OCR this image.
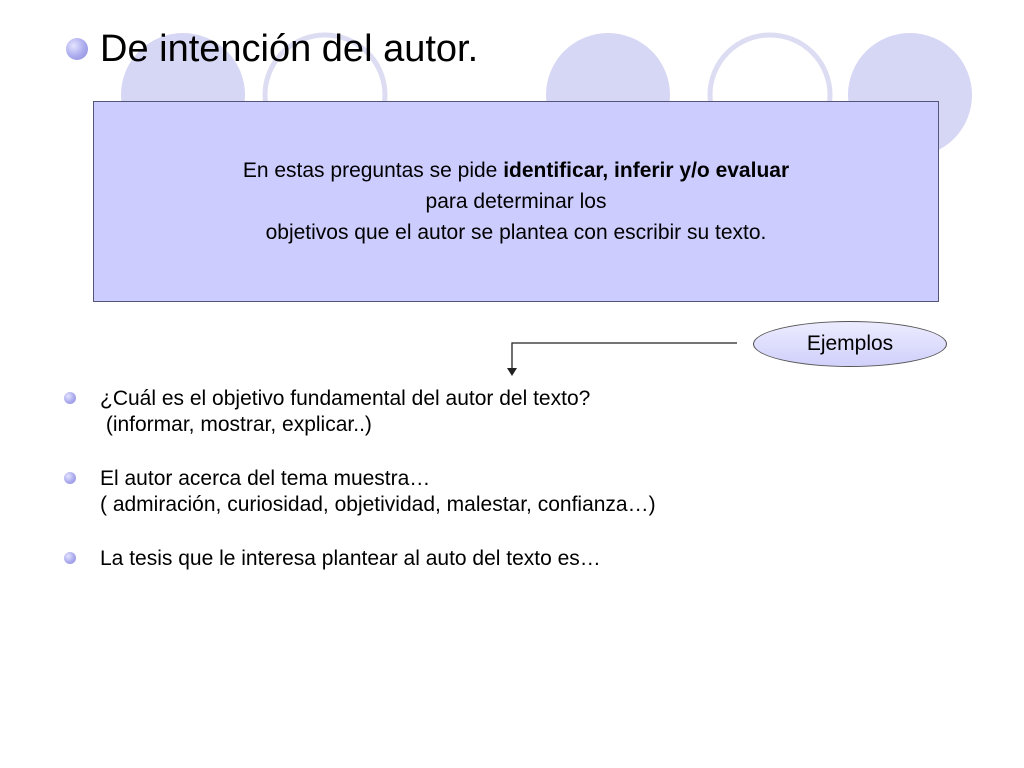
De intención del autor.
En estas preguntas se pide identificar, inferir y/o evaluar
para determinar los
objetivos que el autor se plantea con escribir su texto.
Ejemplos
¿Cuál es el objetivo fundamental del autor del texto?
(informar, mostrar, explicar..)
El autor acerca del tema muestra…
( admiración, curiosidad, objetividad, malestar, confianza…)
La tesis que le interesa plantear al auto del texto es…
